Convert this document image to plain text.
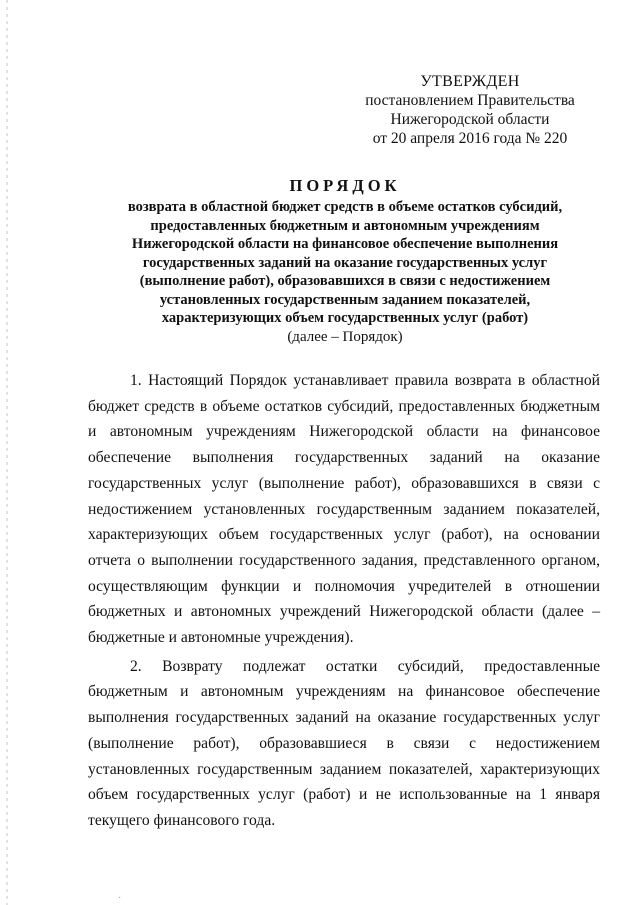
УТВЕРЖДЕН
постановлением Правительства
Нижегородской области
от 20 апреля 2016 года № 220
ПОРЯДОК
возврата в областной бюджет средств в объеме остатков субсидий, предоставленных бюджетным и автономным учреждениям Нижегородской области на финансовое обеспечение выполнения государственных заданий на оказание государственных услуг (выполнение работ), образовавшихся в связи с недостижением установленных государственным заданием показателей, характеризующих объем государственных услуг (работ)
(далее – Порядок)

1. Настоящий Порядок устанавливает правила возврата в областной бюджет средств в объеме остатков субсидий, предоставленных бюджетным и автономным учреждениям Нижегородской области на финансовое обеспечение выполнения государственных заданий на оказание государственных услуг (выполнение работ), образовавшихся в связи с недостижением установленных государственным заданием показателей, характеризующих объем государственных услуг (работ), на основании отчета о выполнении государственного задания, представленного органом, осуществляющим функции и полномочия учредителей в отношении бюджетных и автономных учреждений Нижегородской области (далее – бюджетные и автономные учреждения).

2. Возврату подлежат остатки субсидий, предоставленные бюджетным и автономным учреждениям на финансовое обеспечение выполнения государственных заданий на оказание государственных услуг (выполнение работ), образовавшиеся в связи с недостижением установленных государственным заданием показателей, характеризующих объем государственных услуг (работ) и не использованные на 1 января текущего финансового года.

·
